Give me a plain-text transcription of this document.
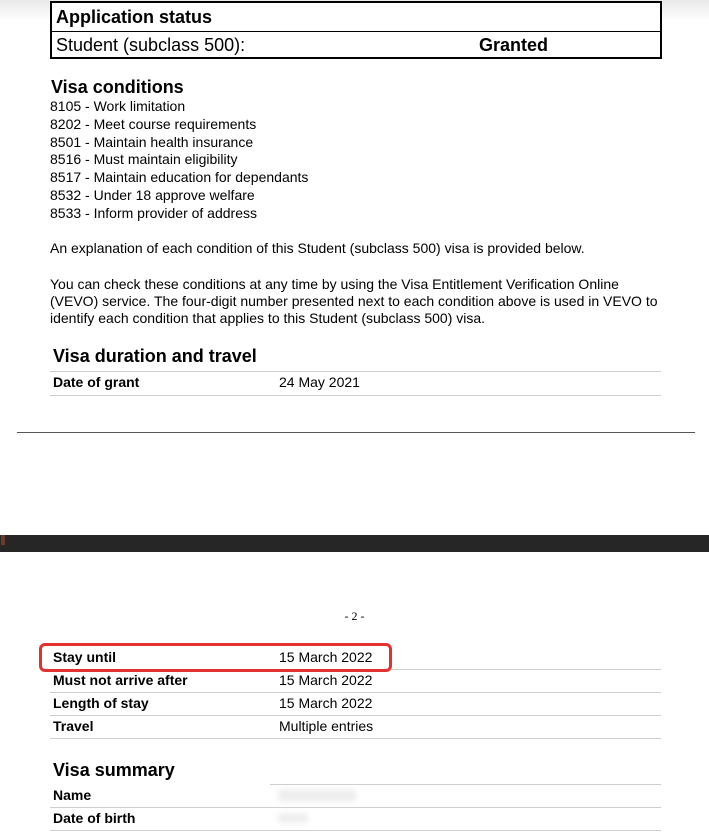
Application status
Student (subclass 500):	Granted
Visa conditions
8105 - Work limitation
8202 - Meet course requirements
8501 - Maintain health insurance
8516 - Must maintain eligibility
8517 - Maintain education for dependants
8532 - Under 18 approve welfare
8533 - Inform provider of address
An explanation of each condition of this Student (subclass 500) visa is provided below.
You can check these conditions at any time by using the Visa Entitlement Verification Online (VEVO) service. The four-digit number presented next to each condition above is used in VEVO to identify each condition that applies to this Student (subclass 500) visa.
Visa duration and travel
Date of grant	24 May 2021
- 2 -
Stay until	15 March 2022
Must not arrive after	15 March 2022
Length of stay	15 March 2022
Travel	Multiple entries
Visa summary
Name
Date of birth
